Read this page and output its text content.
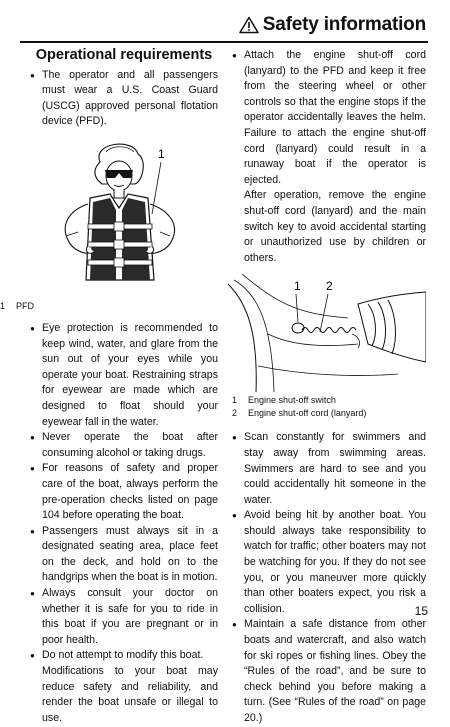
Safety information
Operational requirements
● The operator and all passengers must wear a U.S. Coast Guard (USCG) approved personal flotation device (PFD).
1
1	PFD
● Eye protection is recommended to keep wind, water, and glare from the sun out of your eyes while you operate your boat. Restraining straps for eyewear are made which are designed to float should your eyewear fall in the water.
● Never operate the boat after consuming alcohol or taking drugs.
● For reasons of safety and proper care of the boat, always perform the pre-operation checks listed on page 104 before operating the boat.
● Passengers must always sit in a designated seating area, place feet on the deck, and hold on to the handgrips when the boat is in motion.
● Always consult your doctor on whether it is safe for you to ride in this boat if you are pregnant or in poor health.
● Do not attempt to modify this boat.

Modifications to your boat may reduce safety and reliability, and render the boat unsafe or illegal to use.

● Attach the engine shut-off cord (lanyard) to the PFD and keep it free from the steering wheel or other controls so that the engine stops if the operator accidentally leaves the helm. Failure to attach the engine shut-off cord (lanyard) could result in a runaway boat if the operator is ejected.

After operation, remove the engine shut-off cord (lanyard) and the main switch key to avoid accidental starting or unauthorized use by children or others.

1 2
1	Engine shut-off switch
2	Engine shut-off cord (lanyard)
● Scan constantly for swimmers and stay away from swimming areas. Swimmers are hard to see and you could accidentally hit someone in the water.
● Avoid being hit by another boat. You should always take responsibility to watch for traffic; other boaters may not be watching for you. If they do not see you, or you maneuver more quickly than other boaters expect, you risk a collision.
● Maintain a safe distance from other boats and watercraft, and also watch for ski ropes or fishing lines. Obey the “Rules of the road”, and be sure to check behind you before making a turn. (See “Rules of the road” on page 20.)
15
